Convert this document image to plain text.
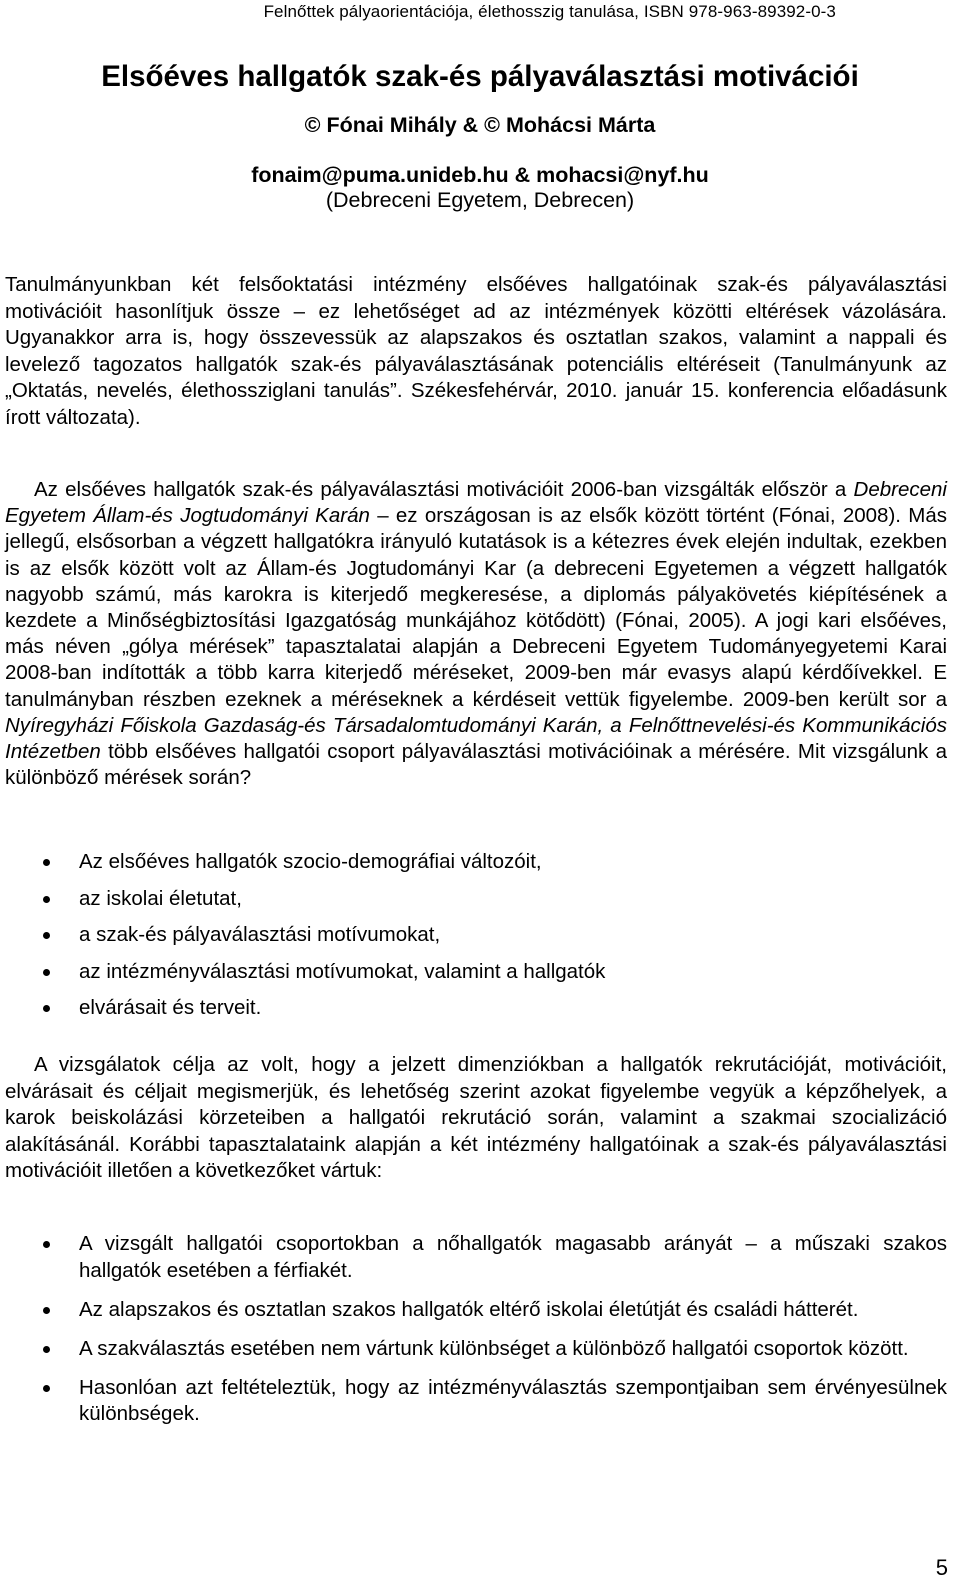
Felnőttek pályaorientációja, élethosszig tanulása, ISBN 978-963-89392-0-3
Elsőéves hallgatók szak-és pályaválasztási motivációi
© Fónai Mihály & © Mohácsi Márta
fonaim@puma.unideb.hu & mohacsi@nyf.hu
(Debreceni Egyetem, Debrecen)

Tanulmányunkban két felsőoktatási intézmény elsőéves hallgatóinak szak-és pályaválasztási motivációit hasonlítjuk össze – ez lehetőséget ad az intézmények közötti eltérések vázolására. Ugyanakkor arra is, hogy összevessük az alapszakos és osztatlan szakos, valamint a nappali és levelező tagozatos hallgatók szak-és pályaválasztásának potenciális eltéréseit (Tanulmányunk az „Oktatás, nevelés, élethossziglani tanulás”. Székesfehérvár, 2010. január 15. konferencia előadásunk írott változata).

Az elsőéves hallgatók szak-és pályaválasztási motivációit 2006-ban vizsgálták először a Debreceni Egyetem Állam-és Jogtudományi Karán – ez országosan is az elsők között történt (Fónai, 2008). Más jellegű, elsősorban a végzett hallgatókra irányuló kutatások is a kétezres évek elején indultak, ezekben is az elsők között volt az Állam-és Jogtudományi Kar (a debreceni Egyetemen a végzett hallgatók nagyobb számú, más karokra is kiterjedő megkeresése, a diplomás pályakövetés kiépítésének a kezdete a Minőségbiztosítási Igazgatóság munkájához kötődött) (Fónai, 2005). A jogi kari elsőéves, más néven „gólya mérések” tapasztalatai alapján a Debreceni Egyetem Tudományegyetemi Karai 2008-ban indították a több karra kiterjedő méréseket, 2009-ben már evasys alapú kérdőívekkel. E tanulmányban részben ezeknek a méréseknek a kérdéseit vettük figyelembe. 2009-ben került sor a Nyíregyházi Főiskola Gazdaság-és Társadalomtudományi Karán, a Felnőttnevelési-és Kommunikációs Intézetben több elsőéves hallgatói csoport pályaválasztási motivációinak a mérésére. Mit vizsgálunk a különböző mérések során?

Az elsőéves hallgatók szocio-demográfiai változóit,
az iskolai életutat,
a szak-és pályaválasztási motívumokat,
az intézményválasztási motívumokat, valamint a hallgatók
elvárásait és terveit.

A vizsgálatok célja az volt, hogy a jelzett dimenziókban a hallgatók rekrutációját, motivációit, elvárásait és céljait megismerjük, és lehetőség szerint azokat figyelembe vegyük a képzőhelyek, a karok beiskolázási körzeteiben a hallgatói rekrutáció során, valamint a szakmai szocializáció alakításánál. Korábbi tapasztalataink alapján a két intézmény hallgatóinak a szak-és pályaválasztási motivációit illetően a következőket vártuk:

A vizsgált hallgatói csoportokban a nőhallgatók magasabb arányát – a műszaki szakos hallgatók esetében a férfiakét.
Az alapszakos és osztatlan szakos hallgatók eltérő iskolai életútját és családi hátterét.
A szakválasztás esetében nem vártunk különbséget a különböző hallgatói csoportok között.
Hasonlóan azt feltételeztük, hogy az intézményválasztás szempontjaiban sem érvényesülnek különbségek.
5
